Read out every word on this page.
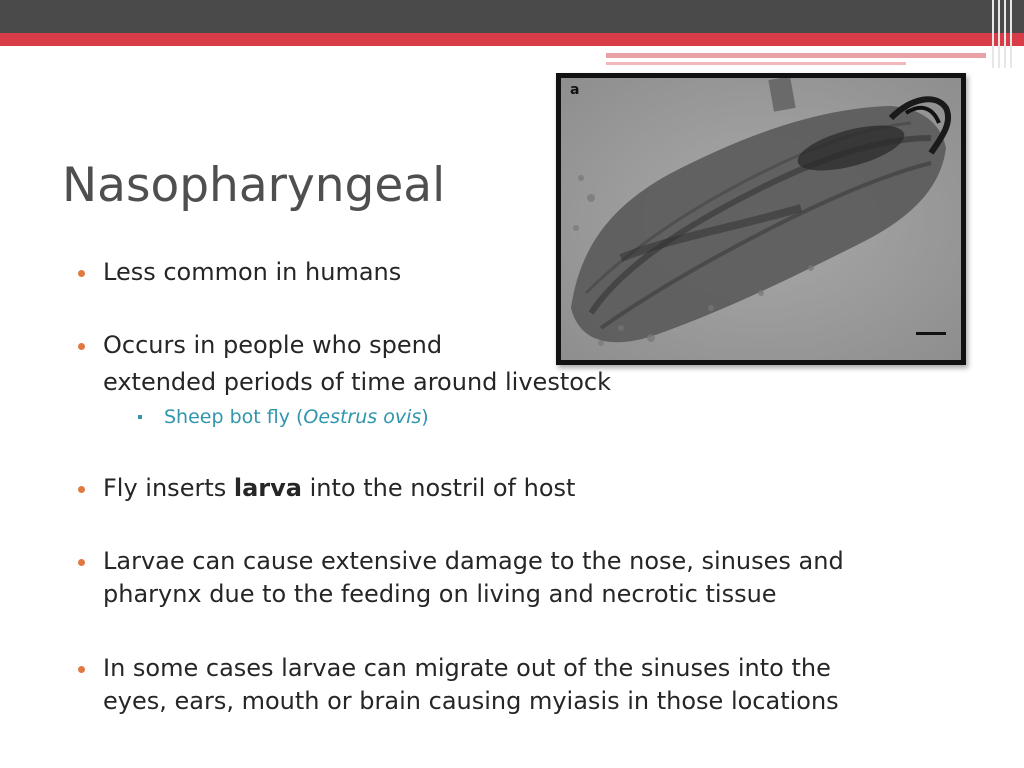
Nasopharyngeal
a
Less common in humans
Occurs in people who spend
extended periods of time around livestock
Sheep bot fly (Oestrus ovis)
Fly inserts larva into the nostril of host
Larvae can cause extensive damage to the nose, sinuses and
pharynx due to the feeding on living and necrotic tissue
In some cases larvae can migrate out of the sinuses into the
eyes, ears, mouth or brain causing myiasis in those locations
